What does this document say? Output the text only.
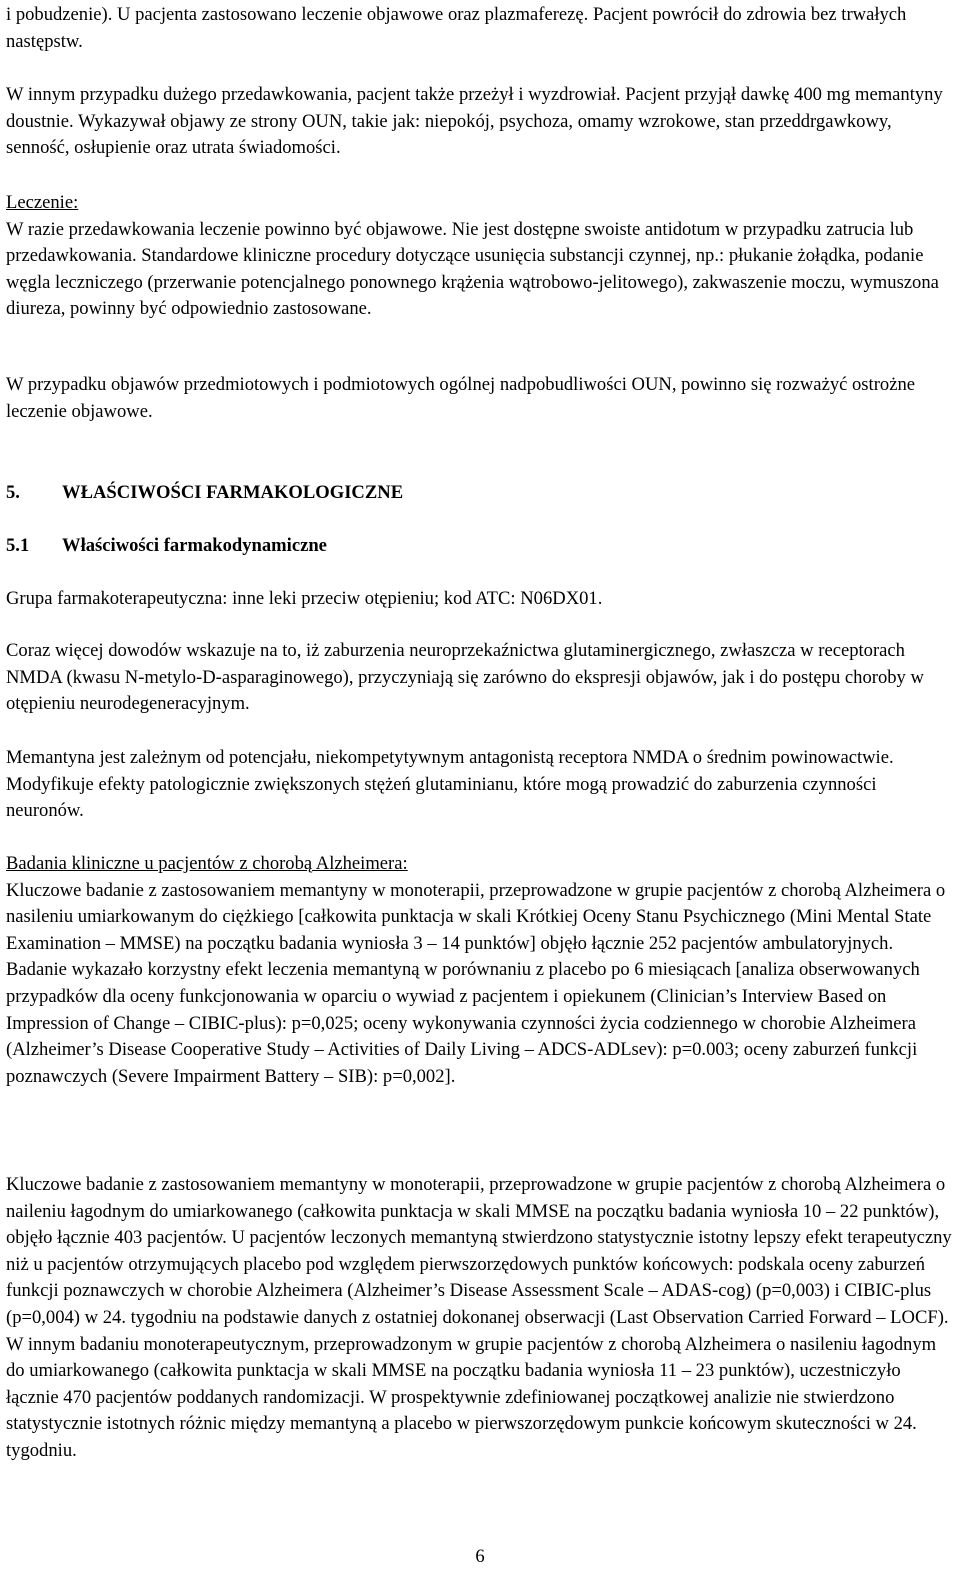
i pobudzenie). U pacjenta zastosowano leczenie objawowe oraz plazmaferezę. Pacjent powrócił do zdrowia bez trwałych następstw.

W innym przypadku dużego przedawkowania, pacjent także przeżył i wyzdrowiał. Pacjent przyjął dawkę 400 mg memantyny doustnie. Wykazywał objawy ze strony OUN, takie jak: niepokój, psychoza, omamy wzrokowe, stan przeddrgawkowy, senność, osłupienie oraz utrata świadomości.

Leczenie:
W razie przedawkowania leczenie powinno być objawowe. Nie jest dostępne swoiste antidotum w przypadku zatrucia lub przedawkowania. Standardowe kliniczne procedury dotyczące usunięcia substancji czynnej, np.: płukanie żołądka, podanie węgla leczniczego (przerwanie potencjalnego ponownego krążenia wątrobowo-jelitowego), zakwaszenie moczu, wymuszona diureza, powinny być odpowiednio zastosowane.

W przypadku objawów przedmiotowych i podmiotowych ogólnej nadpobudliwości OUN, powinno się rozważyć ostrożne leczenie objawowe.

5. WŁAŚCIWOŚCI FARMAKOLOGICZNE
5.1 Właściwości farmakodynamiczne

Grupa farmakoterapeutyczna: inne leki przeciw otępieniu; kod ATC: N06DX01.

Coraz więcej dowodów wskazuje na to, iż zaburzenia neuroprzekaźnictwa glutaminergicznego, zwłaszcza w receptorach NMDA (kwasu N-metylo-D-asparaginowego), przyczyniają się zarówno do ekspresji objawów, jak i do postępu choroby w otępieniu neurodegeneracyjnym.

Memantyna jest zależnym od potencjału, niekompetytywnym antagonistą receptora NMDA o średnim powinowactwie. Modyfikuje efekty patologicznie zwiększonych stężeń glutaminianu, które mogą prowadzić do zaburzenia czynności neuronów.

Badania kliniczne u pacjentów z chorobą Alzheimera:
Kluczowe badanie z zastosowaniem memantyny w monoterapii, przeprowadzone w grupie pacjentów z chorobą Alzheimera o nasileniu umiarkowanym do ciężkiego [całkowita punktacja w skali Krótkiej Oceny Stanu Psychicznego (Mini Mental State Examination – MMSE) na początku badania wyniosła 3 – 14 punktów] objęło łącznie 252 pacjentów ambulatoryjnych. Badanie wykazało korzystny efekt leczenia memantyną w porównaniu z placebo po 6 miesiącach [analiza obserwowanych przypadków dla oceny funkcjonowania w oparciu o wywiad z pacjentem i opiekunem (Clinician’s Interview Based on Impression of Change – CIBIC-plus): p=0,025; oceny wykonywania czynności życia codziennego w chorobie Alzheimera (Alzheimer’s Disease Cooperative Study – Activities of Daily Living – ADCS-ADLsev): p=0.003; oceny zaburzeń funkcji poznawczych (Severe Impairment Battery – SIB): p=0,002].

Kluczowe badanie z zastosowaniem memantyny w monoterapii, przeprowadzone w grupie pacjentów z chorobą Alzheimera o naileniu łagodnym do umiarkowanego (całkowita punktacja w skali MMSE na początku badania wyniosła 10 – 22 punktów), objęło łącznie 403 pacjentów. U pacjentów leczonych memantyną stwierdzono statystycznie istotny lepszy efekt terapeutyczny niż u pacjentów otrzymujących placebo pod względem pierwszorzędowych punktów końcowych: podskala oceny zaburzeń funkcji poznawczych w chorobie Alzheimera (Alzheimer’s Disease Assessment Scale – ADAS-cog) (p=0,003) i CIBIC-plus (p=0,004) w 24. tygodniu na podstawie danych z ostatniej dokonanej obserwacji (Last Observation Carried Forward – LOCF). W innym badaniu monoterapeutycznym, przeprowadzonym w grupie pacjentów z chorobą Alzheimera o nasileniu łagodnym do umiarkowanego (całkowita punktacja w skali MMSE na początku badania wyniosła 11 – 23 punktów), uczestniczyło łącznie 470 pacjentów poddanych randomizacji. W prospektywnie zdefiniowanej początkowej analizie nie stwierdzono statystycznie istotnych różnic między memantyną a placebo w pierwszorzędowym punkcie końcowym skuteczności w 24. tygodniu.

6
